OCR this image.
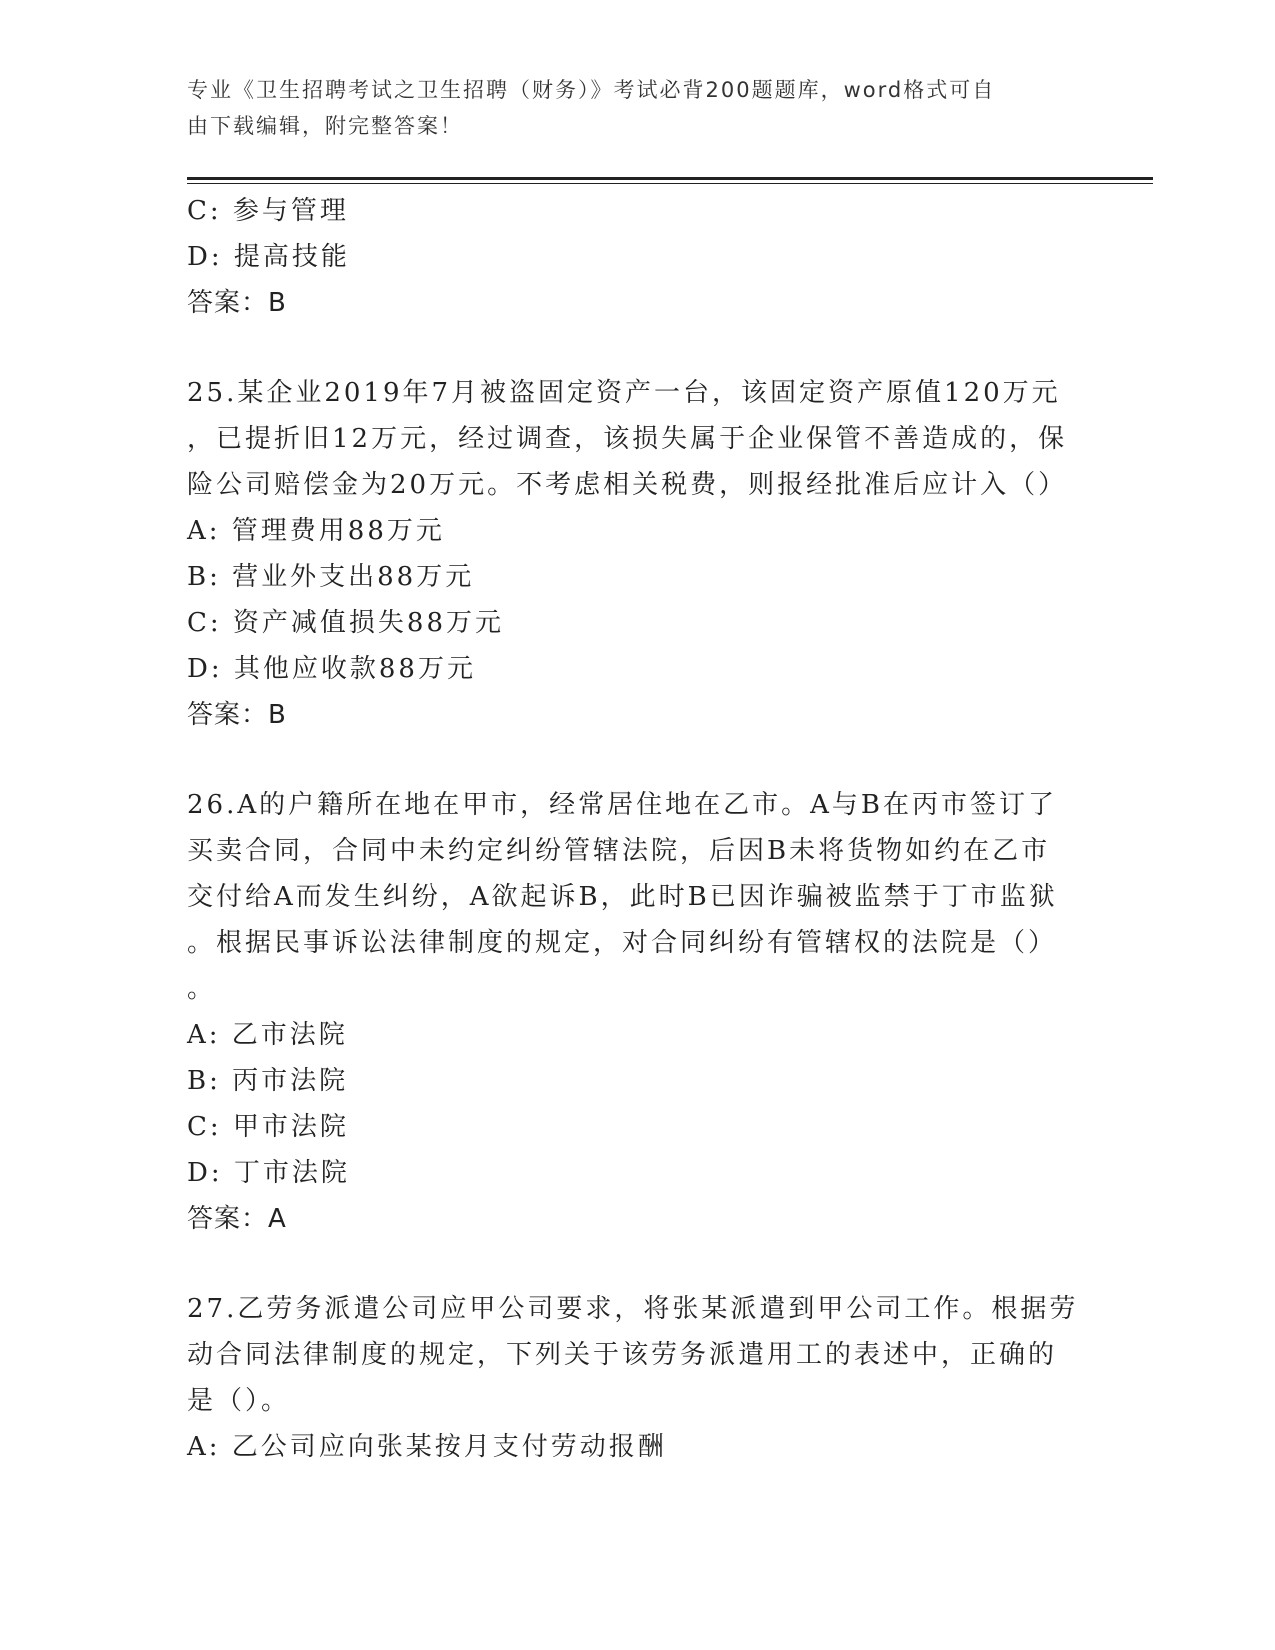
专业《卫生招聘考试之卫生招聘（财务）》考试必背200题题库，word格式可自
由下载编辑，附完整答案！
C: 参与管理
D: 提高技能
答案：B
25.某企业2019年7月被盗固定资产一台，该固定资产原值120万元
，已提折旧12万元，经过调查，该损失属于企业保管不善造成的，保
险公司赔偿金为20万元。不考虑相关税费，则报经批准后应计入（）
A: 管理费用88万元
B: 营业外支出88万元
C: 资产减值损失88万元
D: 其他应收款88万元
答案：B
26.A的户籍所在地在甲市，经常居住地在乙市。A与B在丙市签订了
买卖合同，合同中未约定纠纷管辖法院，后因B未将货物如约在乙市
交付给A而发生纠纷，A欲起诉B，此时B已因诈骗被监禁于丁市监狱
。根据民事诉讼法律制度的规定，对合同纠纷有管辖权的法院是（）
。
A: 乙市法院
B: 丙市法院
C: 甲市法院
D: 丁市法院
答案：A
27.乙劳务派遣公司应甲公司要求，将张某派遣到甲公司工作。根据劳
动合同法律制度的规定，下列关于该劳务派遣用工的表述中，正确的
是（）。
A: 乙公司应向张某按月支付劳动报酬
